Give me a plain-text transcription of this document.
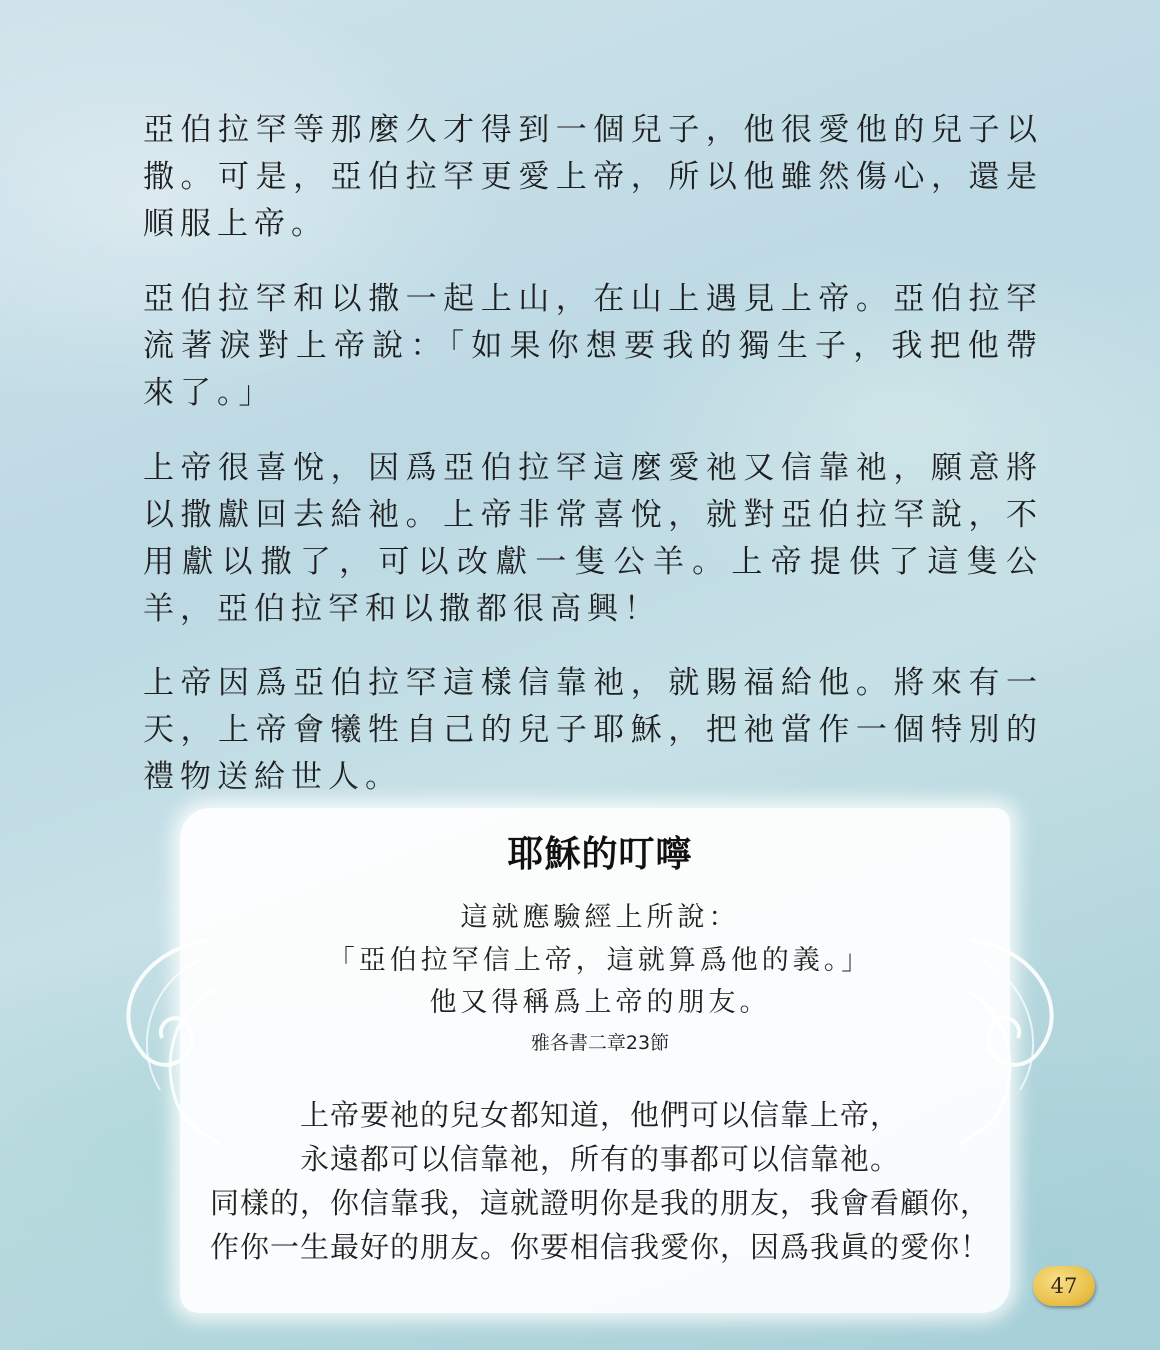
亞伯拉罕等那麼久才得到一個兒子，他很愛他的兒子以撒。可是，亞伯拉罕更愛上帝，所以他雖然傷心，還是順服上帝。

亞伯拉罕和以撒一起上山，在山上遇見上帝。亞伯拉罕流著淚對上帝說：「如果你想要我的獨生子，我把他帶來了。」

上帝很喜悅，因爲亞伯拉罕這麼愛祂又信靠祂，願意將以撒獻回去給祂。上帝非常喜悅，就對亞伯拉罕說，不用獻以撒了，可以改獻一隻公羊。上帝提供了這隻公羊，亞伯拉罕和以撒都很高興！

上帝因爲亞伯拉罕這樣信靠祂，就賜福給他。將來有一天，上帝會犧牲自己的兒子耶穌，把祂當作一個特別的禮物送給世人。

耶穌的叮嚀

這就應驗經上所說：

「亞伯拉罕信上帝，這就算爲他的義。」

他又得稱爲上帝的朋友。

雅各書二章23節

上帝要祂的兒女都知道，他們可以信靠上帝，

永遠都可以信靠祂，所有的事都可以信靠祂。

同樣的，你信靠我，這就證明你是我的朋友，我會看顧你，

作你一生最好的朋友。你要相信我愛你，因爲我眞的愛你！

47
